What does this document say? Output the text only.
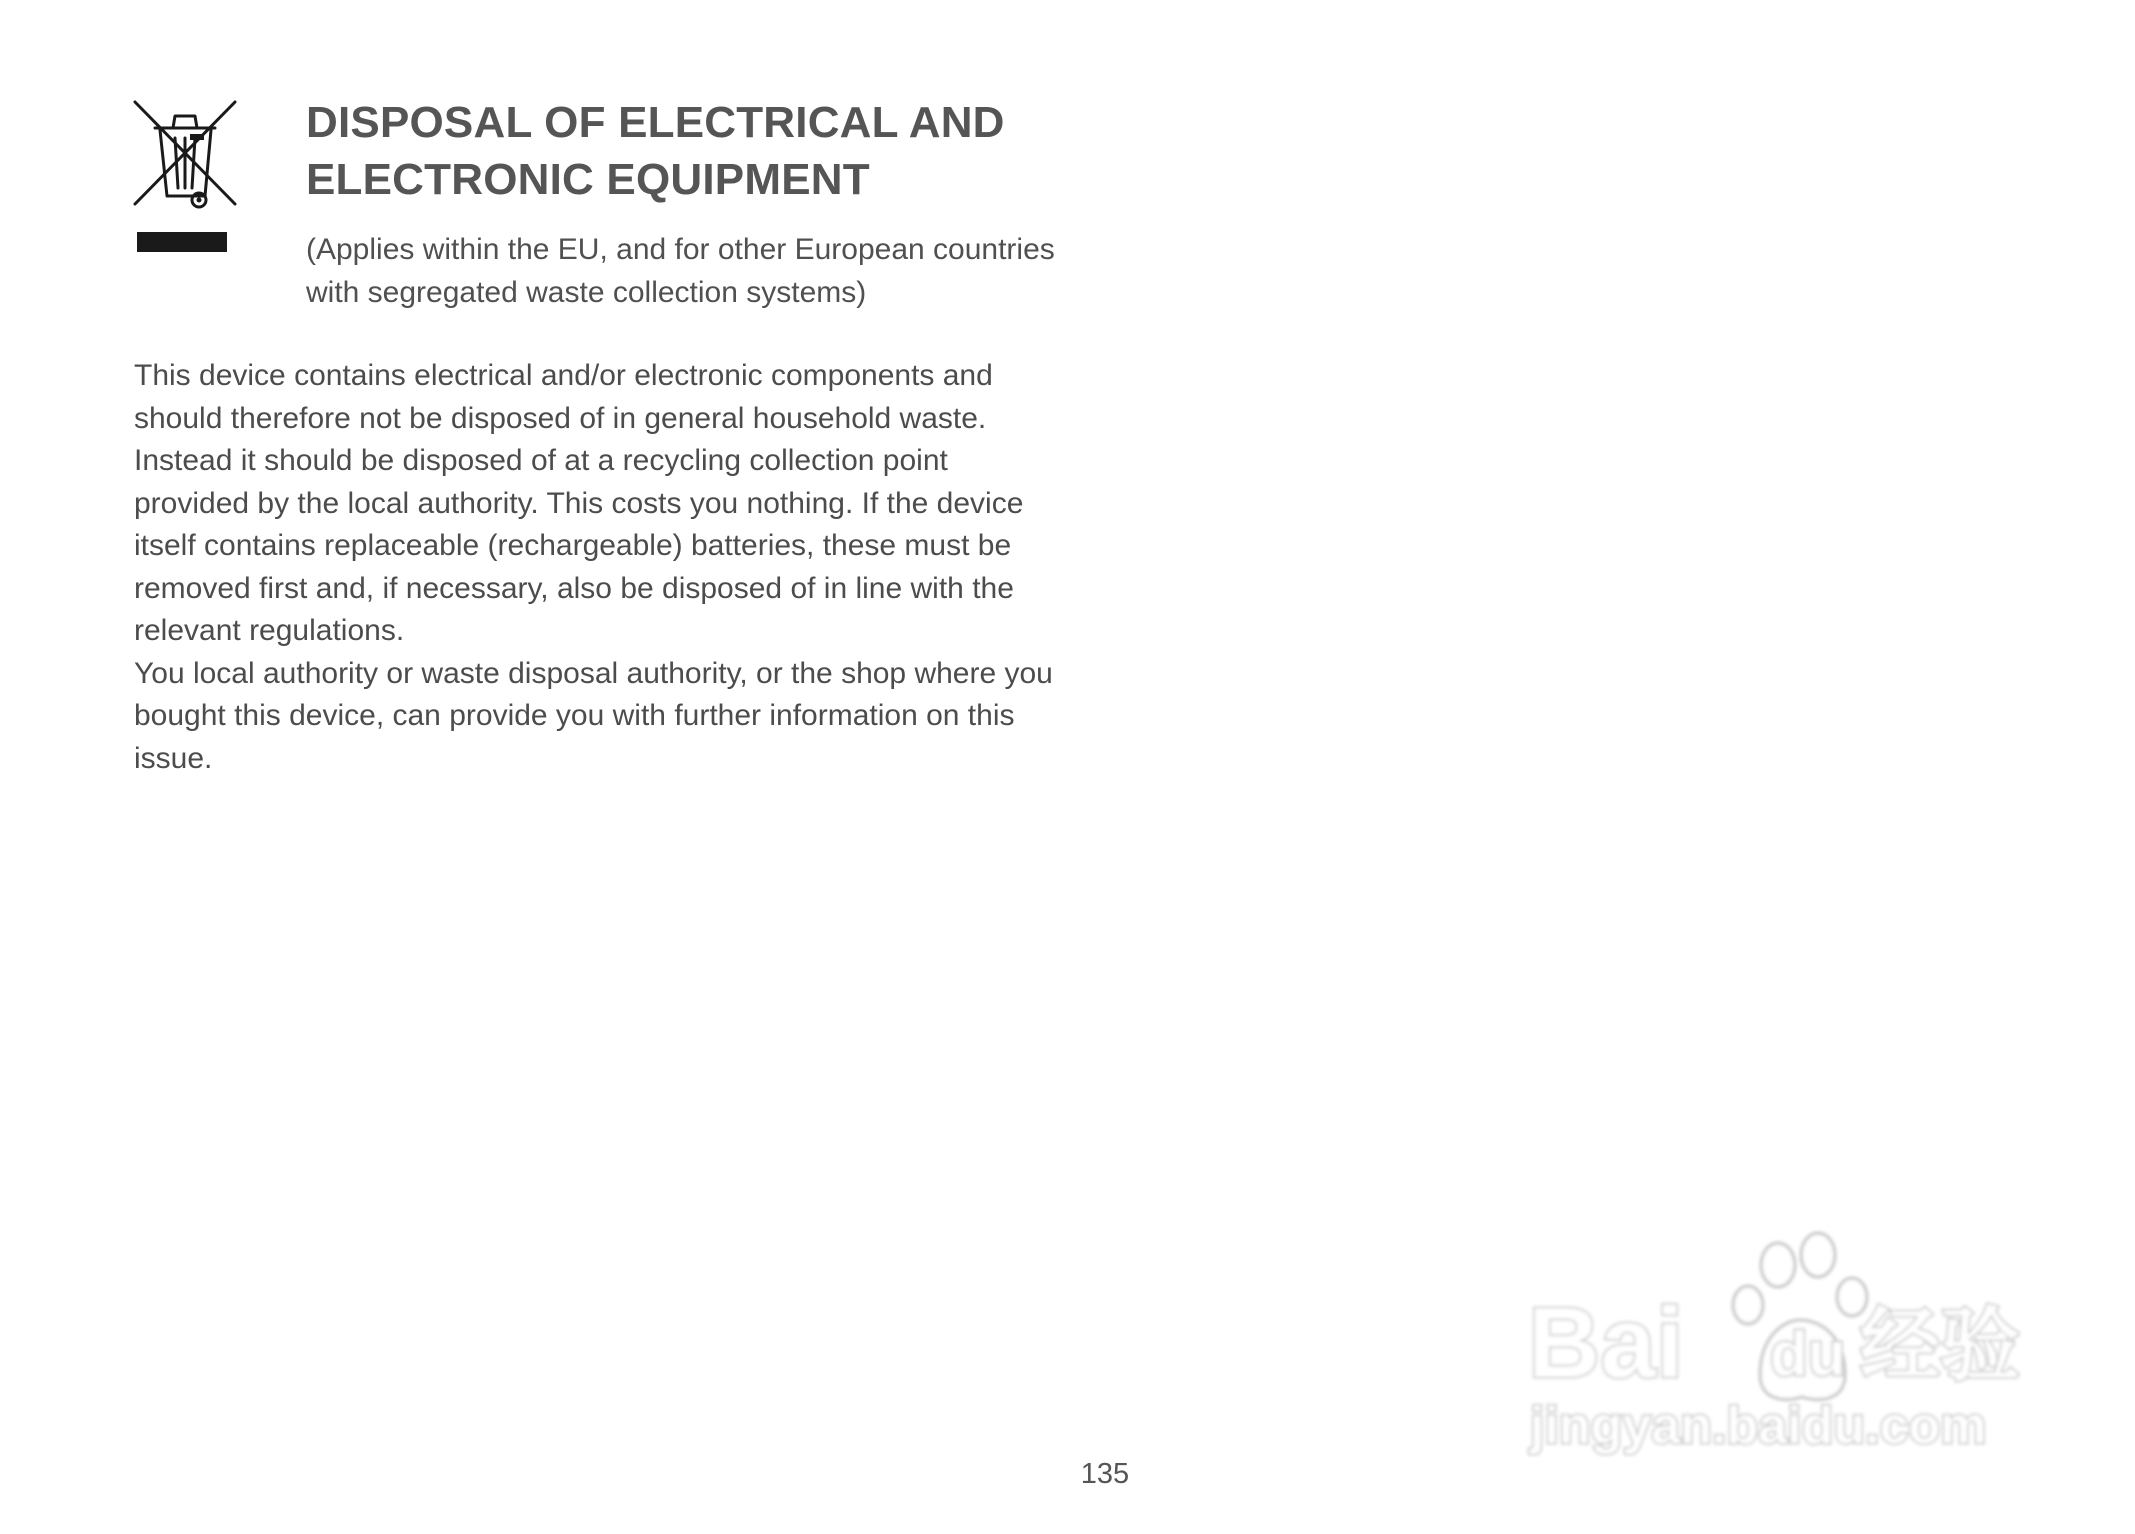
DISPOSAL OF ELECTRICAL AND
ELECTRONIC EQUIPMENT
(Applies within the EU, and for other European countries
with segregated waste collection systems)
This device contains electrical and/or electronic components and
should therefore not be disposed of in general household waste.
Instead it should be disposed of at a recycling collection point
provided by the local authority. This costs you nothing. If the device
itself contains replaceable (rechargeable) batteries, these must be
removed first and, if necessary, also be disposed of in line with the
relevant regulations.
You local authority or waste disposal authority, or the shop where you
bought this device, can provide you with further information on this
issue.
135
Bai du 经验
jingyan.baidu.com
